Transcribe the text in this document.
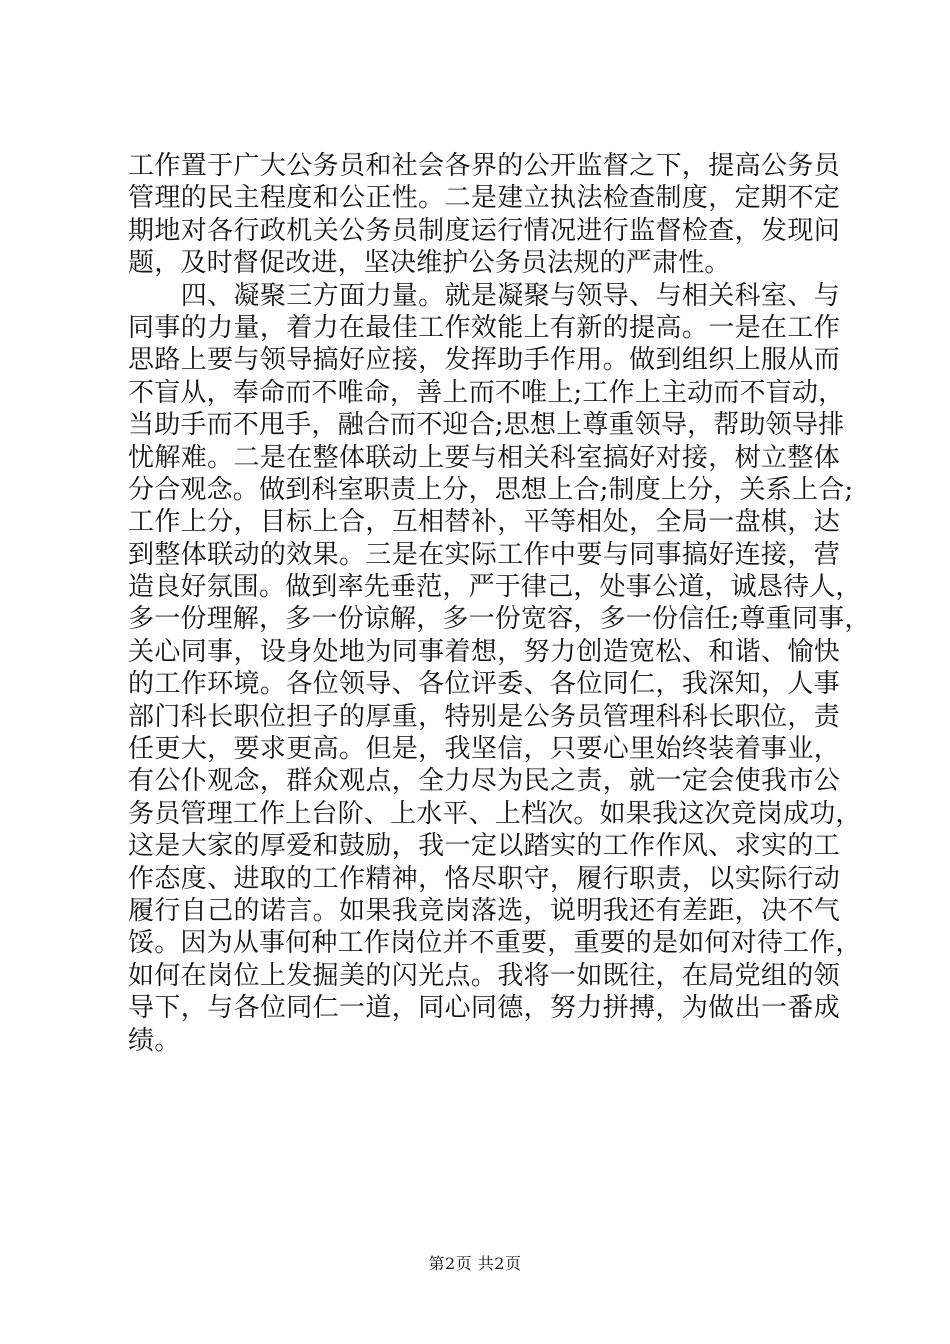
工作置于广大公务员和社会各界的公开监督之下，提高公务员
管理的民主程度和公正性。二是建立执法检查制度，定期不定
期地对各行政机关公务员制度运行情况进行监督检查，发现问
题，及时督促改进，坚决维护公务员法规的严肃性。
　　四、凝聚三方面力量。就是凝聚与领导、与相关科室、与
同事的力量，着力在最佳工作效能上有新的提高。一是在工作
思路上要与领导搞好应接，发挥助手作用。做到组织上服从而
不盲从，奉命而不唯命，善上而不唯上;工作上主动而不盲动，
当助手而不甩手，融合而不迎合;思想上尊重领导，帮助领导排
忧解难。二是在整体联动上要与相关科室搞好对接，树立整体
分合观念。做到科室职责上分，思想上合;制度上分，关系上合;
工作上分，目标上合，互相替补，平等相处，全局一盘棋，达
到整体联动的效果。三是在实际工作中要与同事搞好连接，营
造良好氛围。做到率先垂范，严于律己，处事公道，诚恳待人，
多一份理解，多一份谅解，多一份宽容，多一份信任;尊重同事，
关心同事，设身处地为同事着想，努力创造宽松、和谐、愉快
的工作环境。各位领导、各位评委、各位同仁，我深知，人事
部门科长职位担子的厚重，特别是公务员管理科科长职位，责
任更大，要求更高。但是，我坚信，只要心里始终装着事业，
有公仆观念，群众观点，全力尽为民之责，就一定会使我市公
务员管理工作上台阶、上水平、上档次。如果我这次竞岗成功，
这是大家的厚爱和鼓励，我一定以踏实的工作作风、求实的工
作态度、进取的工作精神，恪尽职守，履行职责，以实际行动
履行自己的诺言。如果我竞岗落选，说明我还有差距，决不气
馁。因为从事何种工作岗位并不重要，重要的是如何对待工作，
如何在岗位上发掘美的闪光点。我将一如既往，在局党组的领
导下，与各位同仁一道，同心同德，努力拼搏，为做出一番成
绩。
第2页 共2页
